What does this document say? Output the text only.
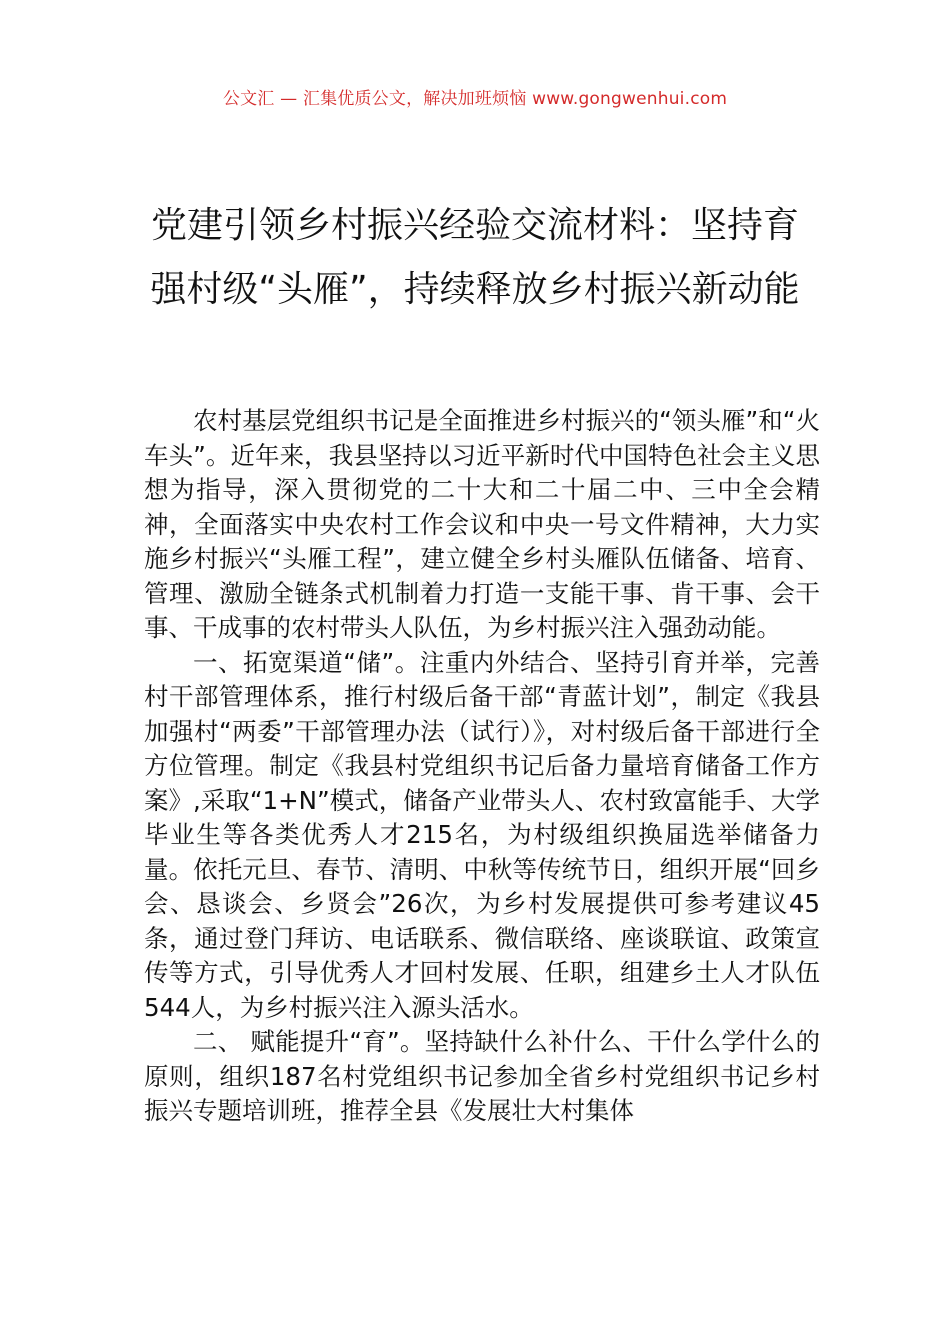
公文汇 — 汇集优质公文，解决加班烦恼 www.gongwenhui.com
党建引领乡村振兴经验交流材料：坚持育强村级“头雁”，持续释放乡村振兴新动能

农村基层党组织书记是全面推进乡村振兴的“领头雁”和“火车头”。近年来，我县坚持以习近平新时代中国特色社会主义思想为指导，深入贯彻党的二十大和二十届二中、三中全会精神，全面落实中央农村工作会议和中央一号文件精神，大力实施乡村振兴“头雁工程”，建立健全乡村头雁队伍储备、培育、管理、激励全链条式机制着力打造一支能干事、肯干事、会干事、干成事的农村带头人队伍，为乡村振兴注入强劲动能。

一、拓宽渠道“储”。注重内外结合、坚持引育并举，完善村干部管理体系，推行村级后备干部“青蓝计划”，制定《我县加强村“两委”干部管理办法（试行）》，对村级后备干部进行全方位管理。制定《我县村党组织书记后备力量培育储备工作方案》,采取“1+N”模式，储备产业带头人、农村致富能手、大学毕业生等各类优秀人才215名，为村级组织换届选举储备力量。依托元旦、春节、清明、中秋等传统节日，组织开展“回乡会、恳谈会、乡贤会”26次，为乡村发展提供可参考建议45条，通过登门拜访、电话联系、微信联络、座谈联谊、政策宣传等方式，引导优秀人才回村发展、任职，组建乡土人才队伍544人，为乡村振兴注入源头活水。

二、 赋能提升“育”。坚持缺什么补什么、干什么学什么的原则，组织187名村党组织书记参加全省乡村党组织书记乡村振兴专题培训班，推荐全县《发展壮大村集体
